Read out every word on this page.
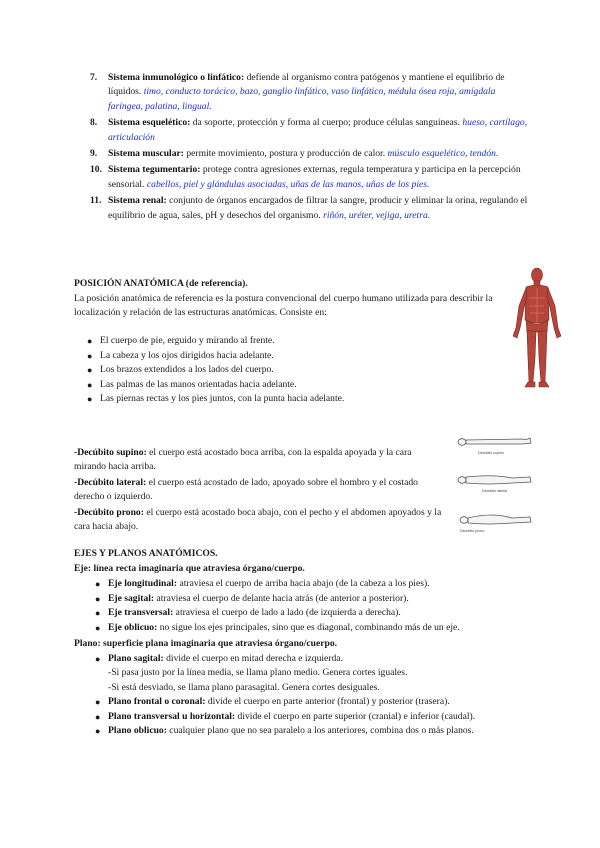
7. Sistema inmunológico o linfático: defiende al organismo contra patógenos y mantiene el equilibrio de líquidos. timo, conducto torácico, bazo, ganglio linfático, vaso linfático, médula ósea roja, amígdala faríngea, palatina, lingual.
8. Sistema esquelético: da soporte, protección y forma al cuerpo; produce células sanguíneas. hueso, cartílago, articulación
9. Sistema muscular: permite movimiento, postura y producción de calor. músculo esquelético, tendón.
10. Sistema tegumentario: protege contra agresiones externas, regula temperatura y participa en la percepción sensorial. cabellos, piel y glándulas asociadas, uñas de las manos, uñas de los pies.
11. Sistema renal: conjunto de órganos encargados de filtrar la sangre, producir y eliminar la orina, regulando el equilibrio de agua, sales, pH y desechos del organismo. riñón, uréter, vejiga, uretra.
POSICIÓN ANATÓMICA (de referencia).
La posición anatómica de referencia es la postura convencional del cuerpo humano utilizada para describir la localización y relación de las estructuras anatómicas. Consiste en:
● El cuerpo de pie, erguido y mirando al frente.
● La cabeza y los ojos dirigidos hacia adelante.
● Los brazos extendidos a los lados del cuerpo.
● Las palmas de las manos orientadas hacia adelante.
● Las piernas rectas y los pies juntos, con la punta hacia adelante.

-Decúbito supino: el cuerpo está acostado boca arriba, con la espalda apoyada y la cara mirando hacia arriba.

-Decúbito lateral: el cuerpo está acostado de lado, apoyado sobre el hombro y el costado derecho o izquierdo.

-Decúbito prono: el cuerpo está acostado boca abajo, con el pecho y el abdomen apoyados y la cara hacia abajo.

Decúbito supino
Decúbito lateral
Decúbito prono
EJES Y PLANOS ANATÓMICOS.
Eje: línea recta imaginaria que atraviesa órgano/cuerpo.
● Eje longitudinal: atraviesa el cuerpo de arriba hacia abajo (de la cabeza a los pies).
● Eje sagital: atraviesa el cuerpo de delante hacia atrás (de anterior a posterior).
● Eje transversal: atraviesa el cuerpo de lado a lado (de izquierda a derecha).
● Eje oblicuo: no sigue los ejes principales, sino que es diagonal, combinando más de un eje.
Plano: superficie plana imaginaria que atraviesa órgano/cuerpo.
● Plano sagital: divide el cuerpo en mitad derecha e izquierda.
-Si pasa justo por la línea media, se llama plano medio. Genera cortes iguales.
-Si está desviado, se llama plano parasagital. Genera cortes desiguales.
● Plano frontal o coronal: divide el cuerpo en parte anterior (frontal) y posterior (trasera).
● Plano transversal u horizontal: divide el cuerpo en parte superior (cranial) e inferior (caudal).
● Plano oblicuo: cualquier plano que no sea paralelo a los anteriores, combina dos o más planos.
